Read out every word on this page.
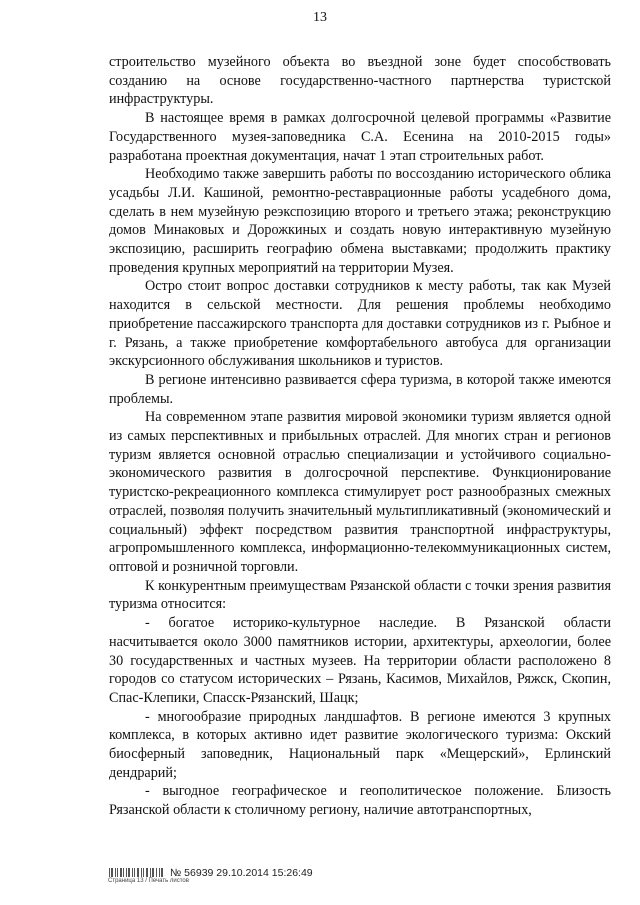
13

строительство музейного объекта во въездной зоне будет способствовать созданию на основе государственно-частного партнерства туристской инфраструктуры.

В настоящее время в рамках долгосрочной целевой программы «Развитие Государственного музея-заповедника С.А. Есенина на 2010-2015 годы» разработана проектная документация, начат 1 этап строительных работ.

Необходимо также завершить работы по воссозданию исторического облика усадьбы Л.И. Кашиной, ремонтно-реставрационные работы усадебного дома, сделать в нем музейную реэкспозицию второго и третьего этажа; реконструкцию домов Минаковых и Дорожкиных и создать новую интерактивную музейную экспозицию, расширить географию обмена выставками; продолжить практику проведения крупных мероприятий на территории Музея.

Остро стоит вопрос доставки сотрудников к месту работы, так как Музей находится в сельской местности. Для решения проблемы необходимо приобретение пассажирского транспорта для доставки сотрудников из г. Рыбное и г. Рязань, а также приобретение комфортабельного автобуса для организации экскурсионного обслуживания школьников и туристов.

В регионе интенсивно развивается сфера туризма, в которой также имеются проблемы.

На современном этапе развития мировой экономики туризм является одной из самых перспективных и прибыльных отраслей. Для многих стран и регионов туризм является основной отраслью специализации и устойчивого социально-экономического развития в долгосрочной перспективе. Функционирование туристско-рекреационного комплекса стимулирует рост разнообразных смежных отраслей, позволяя получить значительный мультипликативный (экономический и социальный) эффект посредством развития транспортной инфраструктуры, агропромышленного комплекса, информационно-телекоммуникационных систем, оптовой и розничной торговли.

К конкурентным преимуществам Рязанской области с точки зрения развития туризма относится:

- богатое историко-культурное наследие. В Рязанской области насчитывается около 3000 памятников истории, архитектуры, археологии, более 30 государственных и частных музеев. На территории области расположено 8 городов со статусом исторических – Рязань, Касимов, Михайлов, Ряжск, Скопин, Спас-Клепики, Спасск-Рязанский, Шацк;

- многообразие природных ландшафтов. В регионе имеются 3 крупных комплекса, в которых активно идет развитие экологического туризма: Окский биосферный заповедник, Национальный парк «Мещерский», Ерлинский дендрарий;

- выгодное географическое и геополитическое положение. Близость Рязанской области к столичному региону, наличие автотранспортных,

Страница 13 / Печать листов
№ 56939 29.10.2014 15:26:49
